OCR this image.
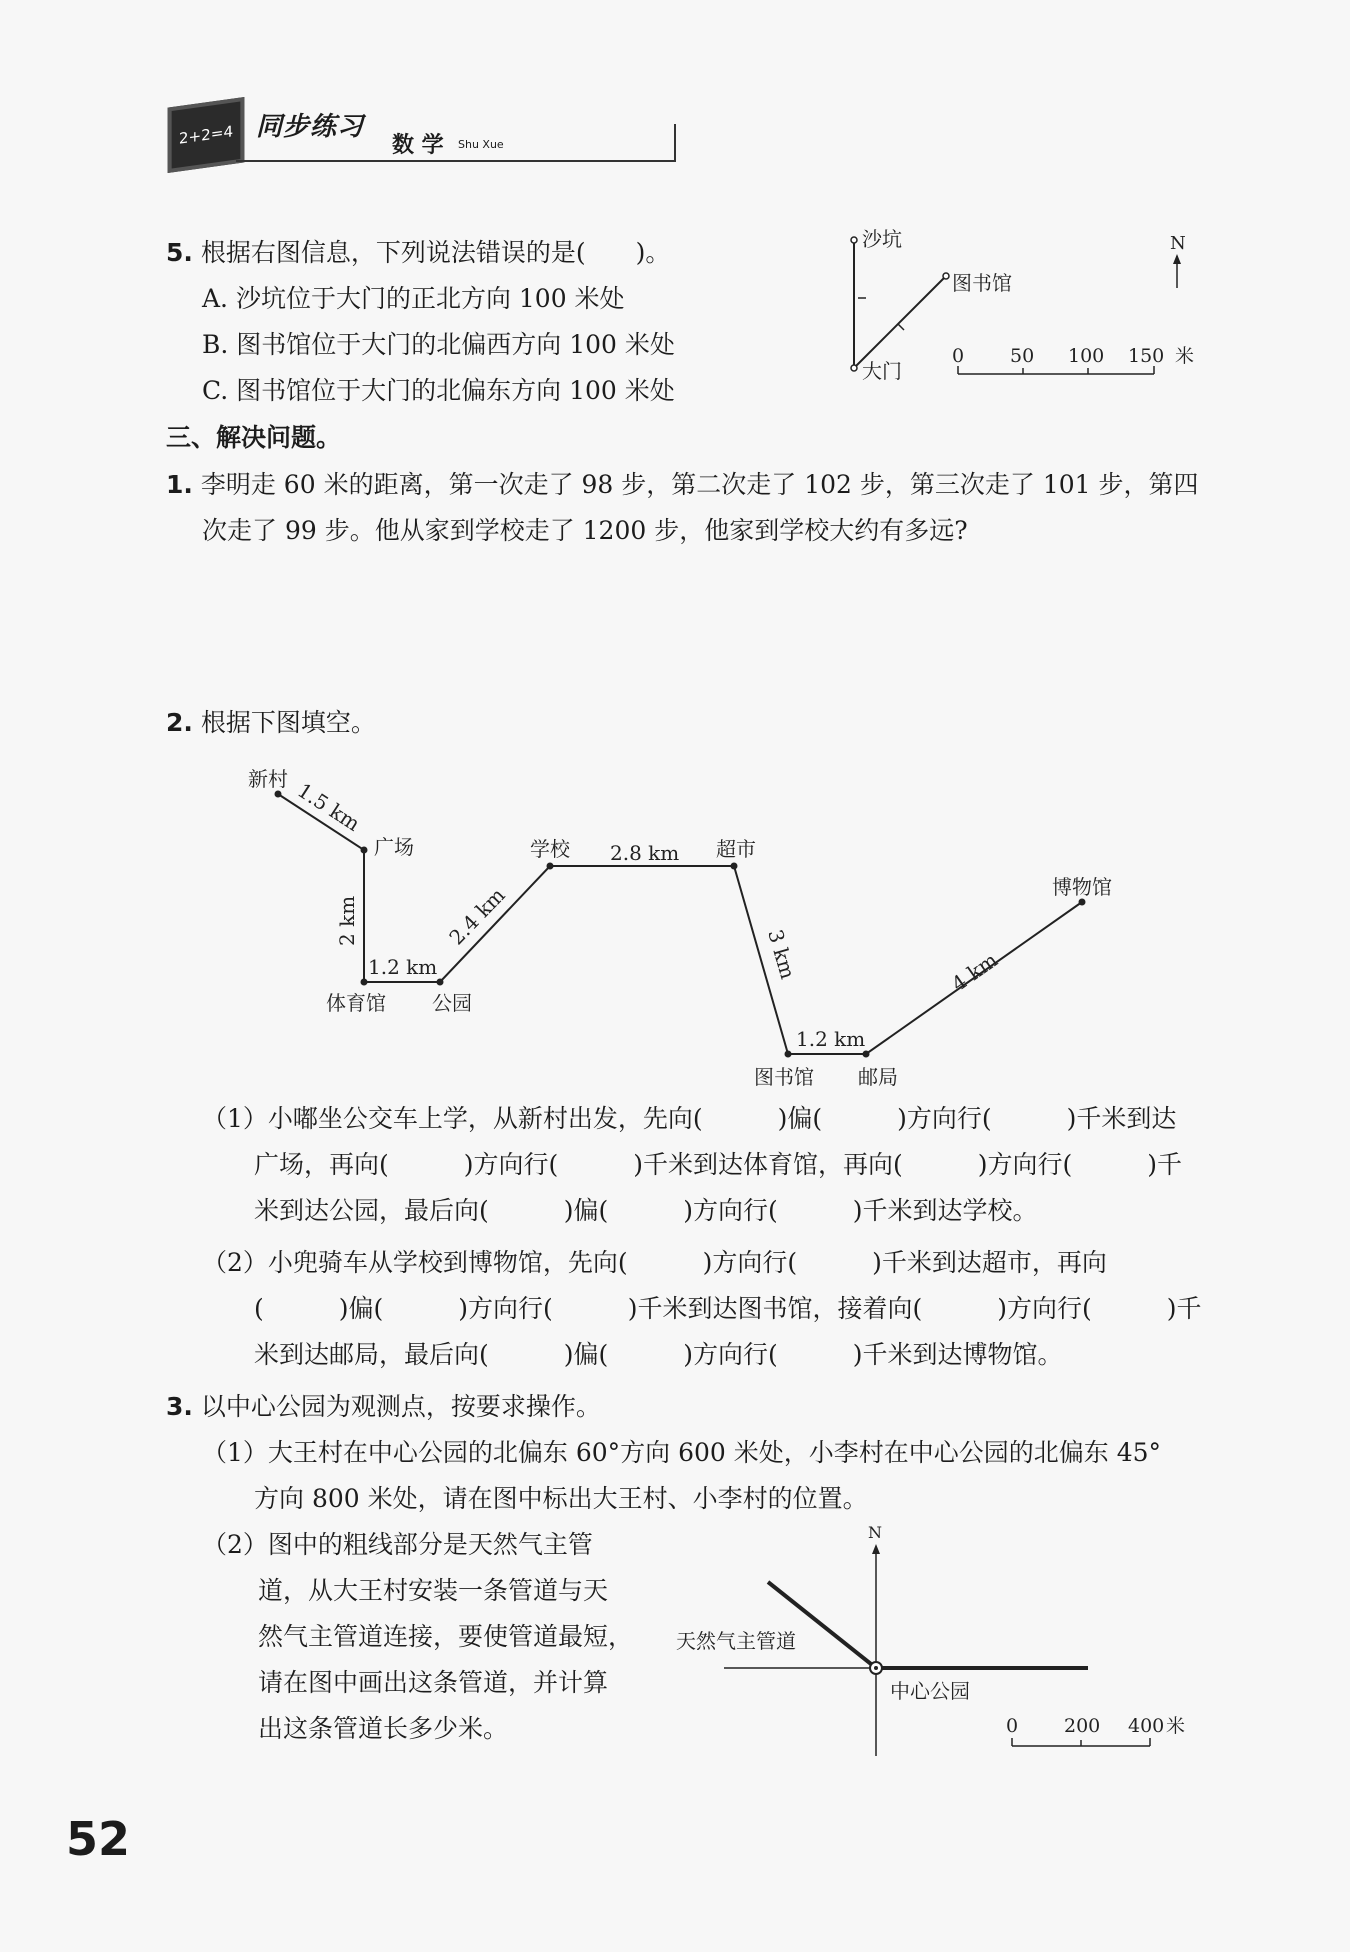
2+2=4 同步练习
数 学 Shu Xue
5. 根据右图信息，下列说法错误的是(　　)。
A. 沙坑位于大门的正北方向 100 米处
B. 图书馆位于大门的北偏西方向 100 米处
C. 图书馆位于大门的北偏东方向 100 米处
沙坑
图书馆
大门
N
0 50 100 150 米
三、解决问题。
1. 李明走 60 米的距离，第一次走了 98 步，第二次走了 102 步，第三次走了 101 步，第四
次走了 99 步。他从家到学校走了 1200 步，他家到学校大约有多远?
2. 根据下图填空。
新村
广场
体育馆 公园
学校	超市
图书馆 邮局
博物馆
1.5 km
2 km
1.2 km
2.4 km
2.8 km
3 km
1.2 km
4 km
（1）小嘟坐公交车上学，从新村出发，先向(　　　)偏(　　　)方向行(　　　)千米到达
广场，再向(　　　)方向行(　　　)千米到达体育馆，再向(　　　)方向行(　　　)千
米到达公园，最后向(　　　)偏(　　　)方向行(　　　)千米到达学校。
（2）小兜骑车从学校到博物馆，先向(　　　)方向行(　　　)千米到达超市，再向
(　　　)偏(　　　)方向行(　　　)千米到达图书馆，接着向(　　　)方向行(　　　)千
米到达邮局，最后向(　　　)偏(　　　)方向行(　　　)千米到达博物馆。
3. 以中心公园为观测点，按要求操作。
（1）大王村在中心公园的北偏东 60°方向 600 米处，小李村在中心公园的北偏东 45°
方向 800 米处，请在图中标出大王村、小李村的位置。
（2）图中的粗线部分是天然气主管
道，从大王村安装一条管道与天
然气主管道连接，要使管道最短，
请在图中画出这条管道，并计算
出这条管道长多少米。
N
天然气主管道
中心公园
0 200 400 米
52
